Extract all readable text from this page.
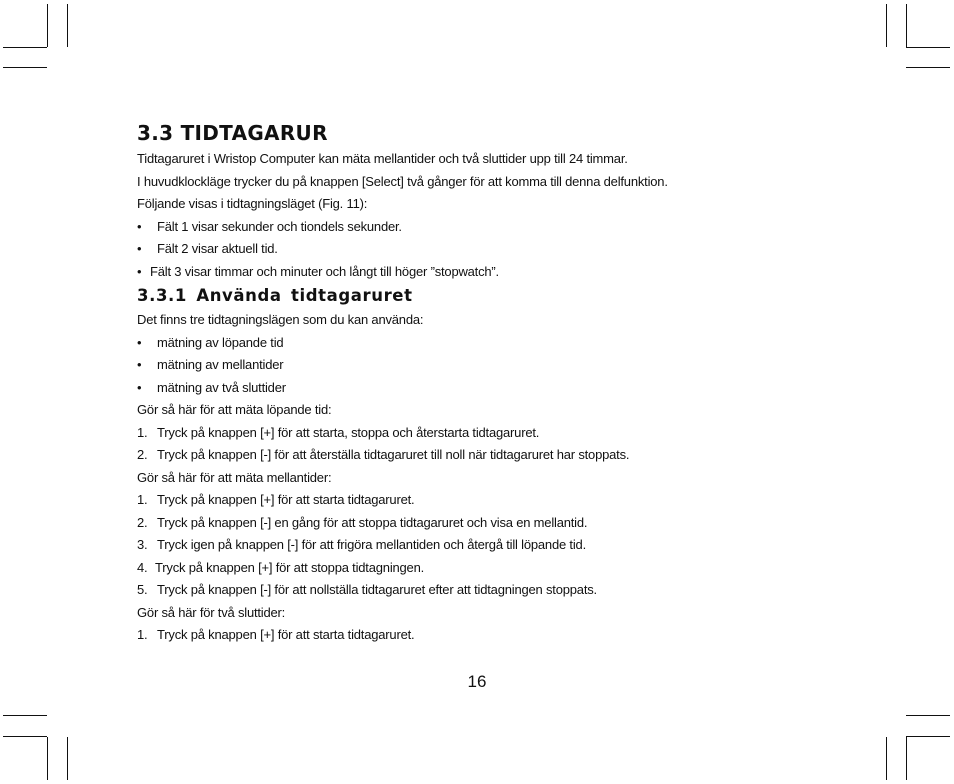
3.3 TIDTAGARUR
Tidtagaruret i Wristop Computer kan mäta mellantider och två sluttider upp till 24 timmar.
I huvudklockläge trycker du på knappen [Select] två gånger för att komma till denna delfunktion.
Följande visas i tidtagningsläget (Fig. 11):
• Fält 1 visar sekunder och tiondels sekunder.
• Fält 2 visar aktuell tid.
• Fält 3 visar timmar och minuter och långt till höger ”stopwatch”.
3.3.1 Använda tidtagaruret
Det finns tre tidtagningslägen som du kan använda:
• mätning av löpande tid
• mätning av mellantider
• mätning av två sluttider
Gör så här för att mäta löpande tid:
1. Tryck på knappen [+] för att starta, stoppa och återstarta tidtagaruret.
2. Tryck på knappen [-] för att återställa tidtagaruret till noll när tidtagaruret har stoppats.
Gör så här för att mäta mellantider:
1. Tryck på knappen [+] för att starta tidtagaruret.
2. Tryck på knappen [-] en gång för att stoppa tidtagaruret och visa en mellantid.
3. Tryck igen på knappen [-] för att frigöra mellantiden och återgå till löpande tid.
4. Tryck på knappen [+] för att stoppa tidtagningen.
5. Tryck på knappen [-] för att nollställa tidtagaruret efter att tidtagningen stoppats.
Gör så här för två sluttider:
1. Tryck på knappen [+] för att starta tidtagaruret.
16
